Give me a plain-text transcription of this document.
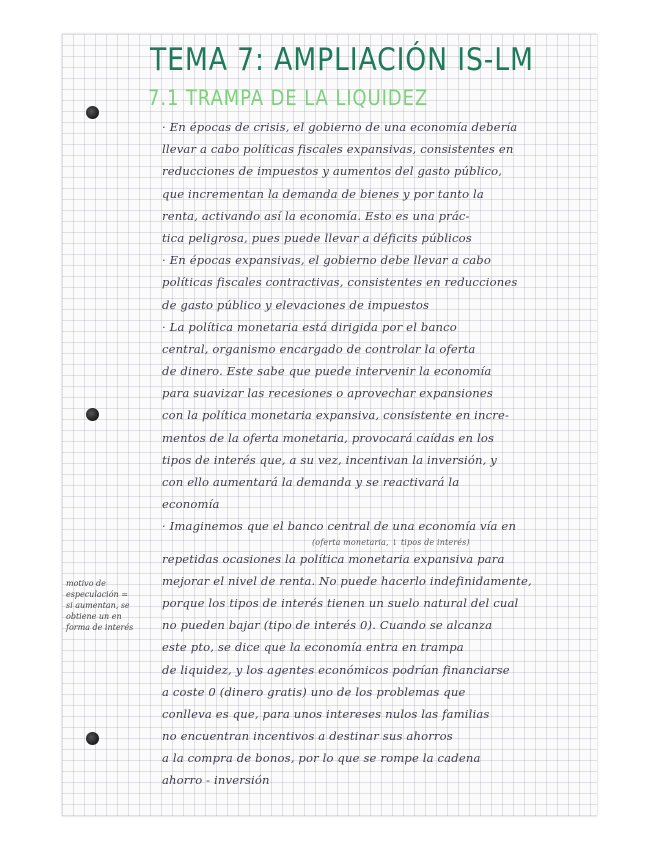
TEMA 7: AMPLIACIÓN IS-LM
7.1 TRAMPA DE LA LIQUIDEZ
motivo de
especulación =
si aumentan, se
obtiene un en
forma de interés
· En épocas de crisis, el gobierno de una economía debería
llevar a cabo políticas fiscales expansivas, consistentes en
reducciones de impuestos y aumentos del gasto público,
que incrementan la demanda de bienes y por tanto la
renta, activando así la economía. Esto es una prác-
tica peligrosa, pues puede llevar a déficits públicos
· En épocas expansivas, el gobierno debe llevar a cabo
políticas fiscales contractivas, consistentes en reducciones
de gasto público y elevaciones de impuestos
· La política monetaria está dirigida por el banco
central, organismo encargado de controlar la oferta
de dinero. Este sabe que puede intervenir la economía
para suavizar las recesiones o aprovechar expansiones
con la política monetaria expansiva, consistente en incre-
mentos de la oferta monetaria, provocará caídas en los
tipos de interés que, a su vez, incentivan la inversión, y
con ello aumentará la demanda y se reactivará la
economía
· Imaginemos que el banco central de una economía vía en
(oferta monetaria, ↓ tipos de interés)
repetidas ocasiones la política monetaria expansiva para
mejorar el nivel de renta. No puede hacerlo indefinidamente,
porque los tipos de interés tienen un suelo natural del cual
no pueden bajar (tipo de interés 0). Cuando se alcanza
este pto, se dice que la economía entra en trampa
de liquidez, y los agentes económicos podrían financiarse
a coste 0 (dinero gratis) uno de los problemas que
conlleva es que, para unos intereses nulos las familias
no encuentran incentivos a destinar sus ahorros
a la compra de bonos, por lo que se rompe la cadena
ahorro - inversión
